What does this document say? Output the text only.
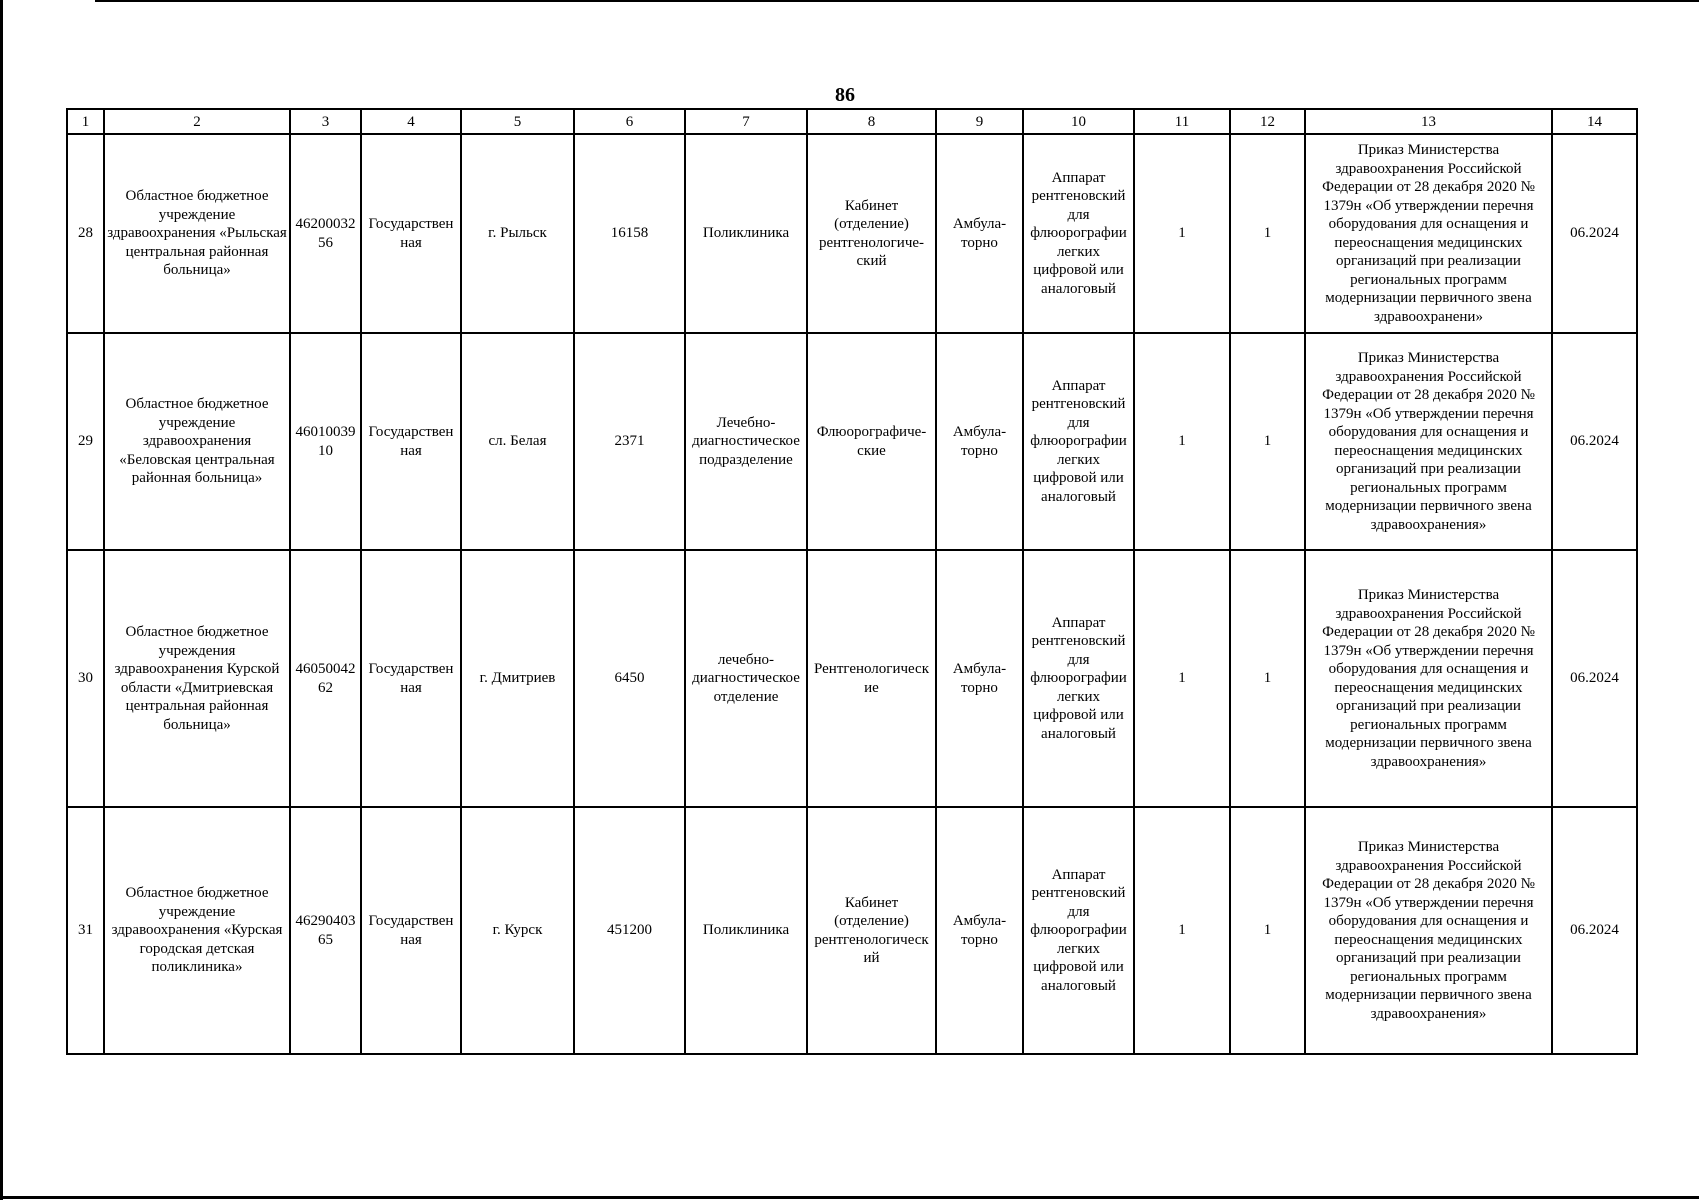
86
1	2	3	4	5	6	7	8	9	10	11	12	13	14
28	Областное бюджетное учреждение здравоохранения «Рыльская центральная районная больница»	46200032 56	Государствен ная	г. Рыльск	16158	Поликлиника	Кабинет (отделение) рентгенологиче- ский	Амбула- торно	Аппарат рентгеновский для флюорографии легких цифровой или аналоговый	1	1	Приказ Министерства здравоохранения Российской Федерации от 28 декабря 2020 № 1379н «Об утверждении перечня оборудования для оснащения и переоснащения медицинских организаций при реализации региональных программ модернизации первичного звена здравоохранени»	06.2024
29	Областное бюджетное учреждение здравоохранения «Беловская центральная районная больница»	46010039 10	Государствен ная	сл. Белая	2371	Лечебно- диагностическое подразделение	Флюорографиче- ские	Амбула- торно	Аппарат рентгеновский для флюорографии легких цифровой или аналоговый	1	1	Приказ Министерства здравоохранения Российской Федерации от 28 декабря 2020 № 1379н «Об утверждении перечня оборудования для оснащения и переоснащения медицинских организаций при реализации региональных программ модернизации первичного звена здравоохранения»	06.2024
30	Областное бюджетное учреждения здравоохранения Курской области «Дмитриевская центральная районная больница»	46050042 62	Государствен ная	г. Дмитриев	6450	лечебно- диагностическое отделение	Рентгенологическ ие	Амбула- торно	Аппарат рентгеновский для флюорографии легких цифровой или аналоговый	1	1	Приказ Министерства здравоохранения Российской Федерации от 28 декабря 2020 № 1379н «Об утверждении перечня оборудования для оснащения и переоснащения медицинских организаций при реализации региональных программ модернизации первичного звена здравоохранения»	06.2024
31	Областное бюджетное учреждение здравоохранения «Курская городская детская поликлиника»	46290403 65	Государствен ная	г. Курск	451200	Поликлиника	Кабинет (отделение) рентгенологическ ий	Амбула- торно	Аппарат рентгеновский для флюорографии легких цифровой или аналоговый	1	1	Приказ Министерства здравоохранения Российской Федерации от 28 декабря 2020 № 1379н «Об утверждении перечня оборудования для оснащения и переоснащения медицинских организаций при реализации региональных программ модернизации первичного звена здравоохранения»	06.2024
